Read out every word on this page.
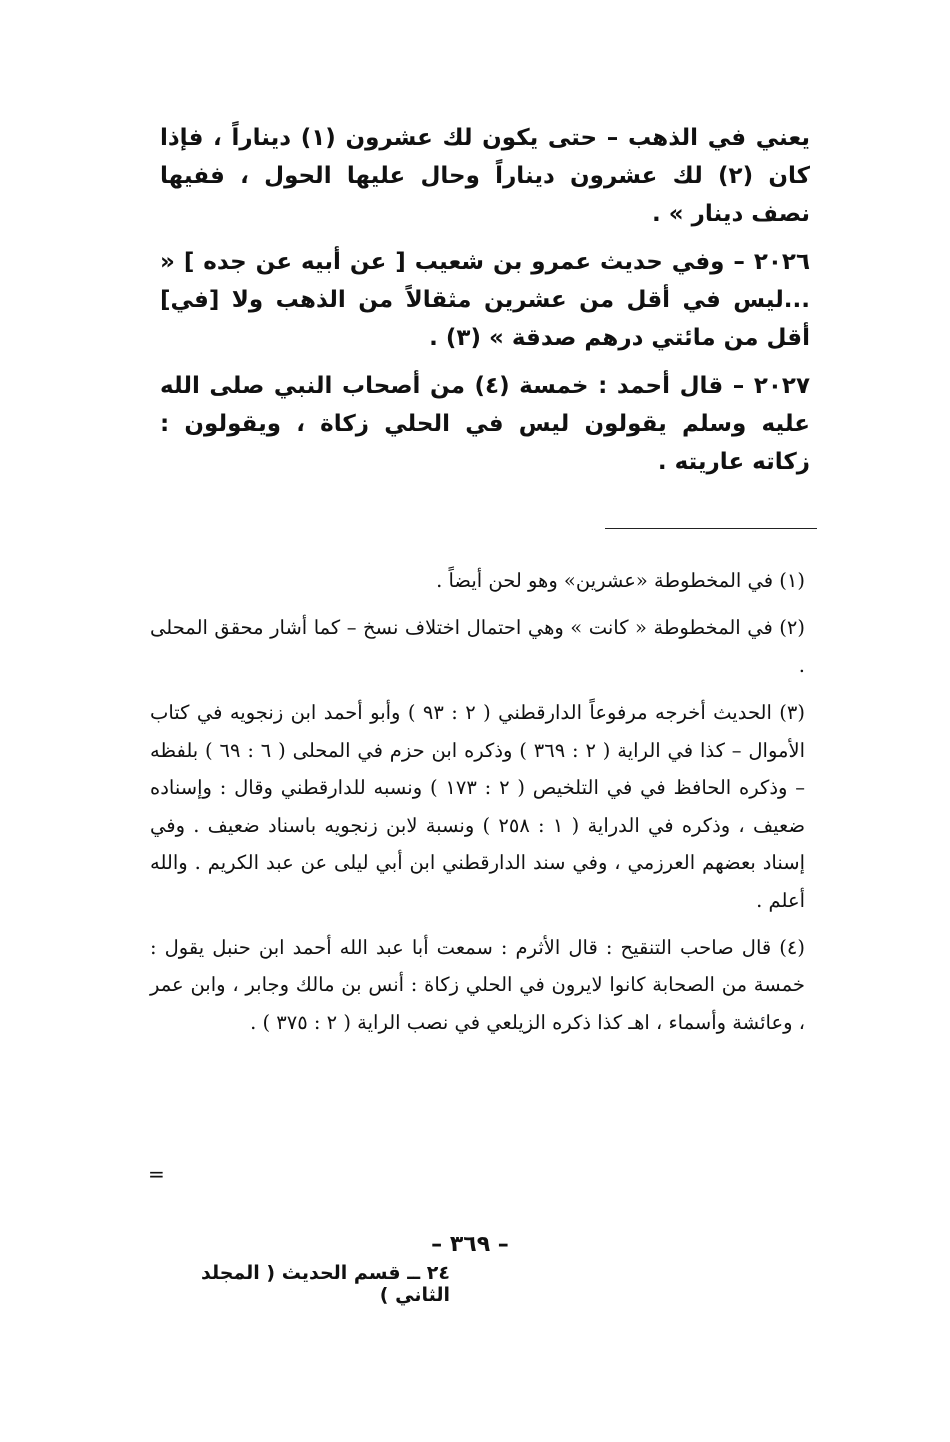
يعني في الذهب – حتى يكون لك عشرون (١) ديناراً ، فإذا كان (٢) لك عشرون ديناراً وحال عليها الحول ، ففيها نصف دينار » .

٢٠٢٦ – وفي حديث عمرو بن شعيب [ عن أبيه عن جده ] « ...ليس في أقل من عشرين مثقالاً من الذهب ولا [في] أقل من مائتي درهم صدقة » (٣) .

٢٠٢٧ – قال أحمد : خمسة (٤) من أصحاب النبي صلى الله عليه وسلم يقولون ليس في الحلي زكاة ، ويقولون : زكاته عاريته .

(١) في المخطوطة «عشرين» وهو لحن أيضاً .

(٢) في المخطوطة « كانت » وهي احتمال اختلاف نسخ – كما أشار محقق المحلى .

(٣) الحديث أخرجه مرفوعاً الدارقطني ( ٢ : ٩٣ ) وأبو أحمد ابن زنجويه في كتاب الأموال – كذا في الراية ( ٢ : ٣٦٩ ) وذكره ابن حزم في المحلى ( ٦ : ٦٩ ) بلفظه – وذكره الحافظ في في التلخيص ( ٢ : ١٧٣ ) ونسبه للدارقطني وقال : وإسناده ضعيف ، وذكره في الدراية ( ١ : ٢٥٨ ) ونسبة لابن زنجويه باسناد ضعيف . وفي إسناد بعضهم العرزمي ، وفي سند الدارقطني ابن أبي ليلى عن عبد الكريم . والله أعلم .

(٤) قال صاحب التنقيح : قال الأثرم : سمعت أبا عبد الله أحمد ابن حنبل يقول : خمسة من الصحابة كانوا لايرون في الحلي زكاة : أنس بن مالك وجابر ، وابن عمر ، وعائشة وأسماء ، اهـ كذا ذكره الزيلعي في نصب الراية ( ٢ : ٣٧٥ ) .

=
– ٣٦٩ –
٢٤ ــ قسم الحديث ( المجلد الثاني )
